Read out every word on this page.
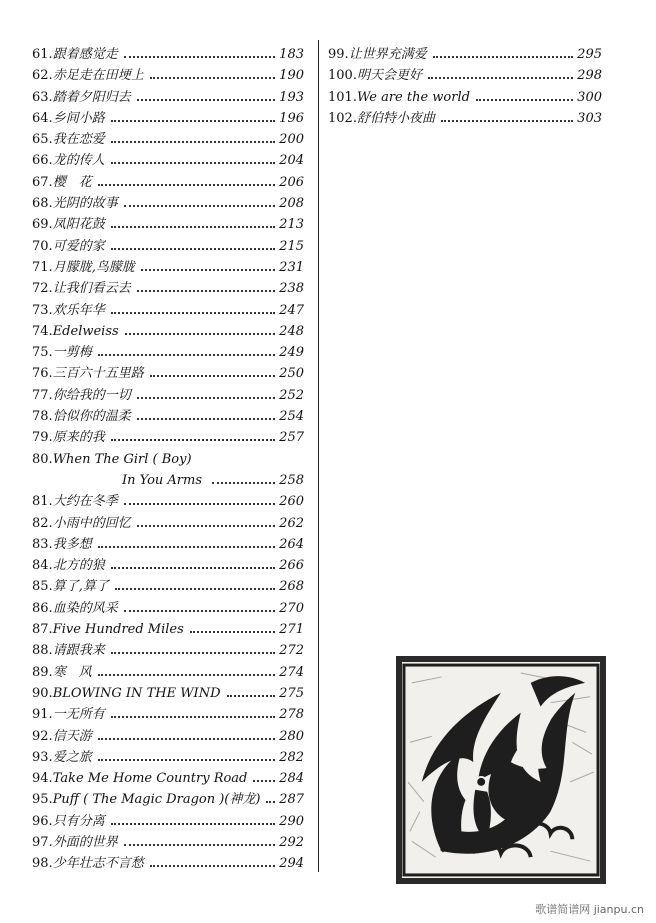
61. 跟着感觉走	183
62. 赤足走在田埂上	190
63. 踏着夕阳归去	193
64. 乡间小路	196
65. 我在恋爱	200
66. 龙的传人	204
67. 樱　花	206
68. 光阴的故事	208
69. 凤阳花鼓	213
70. 可爱的家	215
71. 月朦胧,鸟朦胧	231
72. 让我们看云去	238
73. 欢乐年华	247
74. Edelweiss	248
75. 一剪梅	249
76. 三百六十五里路	250
77. 你给我的一切	252
78. 恰似你的温柔	254
79. 原来的我	257
80. When The Girl ( Boy)
In You Arms	258
81. 大约在冬季	260
82. 小雨中的回忆	262
83. 我多想	264
84. 北方的狼	266
85. 算了,算了	268
86. 血染的风采	270
87. Five Hundred Miles	271
88. 请跟我来	272
89. 寒　风	274
90. BLOWING IN THE WIND	275
91. 一无所有	278
92. 信天游	280
93. 爱之旅	282
94. Take Me Home Country Road 284
95. Puff ( The Magic Dragon )(神龙) 287
96. 只有分离	290
97. 外面的世界	292
98. 少年壮志不言愁	294
99. 让世界充满爱	295
100. 明天会更好	298
101. We are the world	300
102. 舒伯特小夜曲	303
歌谱简谱网 jianpu.cn
